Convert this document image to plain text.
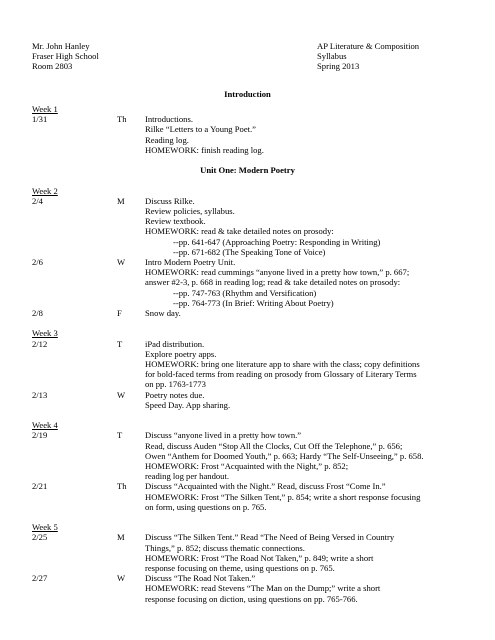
Mr. John Hanley
Fraser High School
Room 2803
AP Literature & Composition
Syllabus
Spring 2013
Introduction
Week 1
1/31	Th Introductions.
Rilke “Letters to a Young Poet.”
Reading log.
HOMEWORK: finish reading log.
Unit One: Modern Poetry
Week 2
2/4	M Discuss Rilke.
Review policies, syllabus.
Review textbook.
HOMEWORK: read & take detailed notes on prosody:
--pp. 641-647 (Approaching Poetry: Responding in Writing)
--pp. 671-682 (The Speaking Tone of Voice)
2/6	W Intro Modern Poetry Unit.
HOMEWORK: read cummings “anyone lived in a pretty how town,” p. 667;
answer #2-3, p. 668 in reading log; read & take detailed notes on prosody:
--pp. 747-763 (Rhythm and Versification)
--pp. 764-773 (In Brief: Writing About Poetry)
2/8	F	Snow day.
Week 3
2/12	T	iPad distribution.
Explore poetry apps.
HOMEWORK: bring one literature app to share with the class; copy definitions
for bold-faced terms from reading on prosody from Glossary of Literary Terms
on pp. 1763-1773
2/13	W Poetry notes due.
Speed Day. App sharing.
Week 4
2/19	T	Discuss “anyone lived in a pretty how town.”
Read, discuss Auden “Stop All the Clocks, Cut Off the Telephone,” p. 656;
Owen “Anthem for Doomed Youth,” p. 663; Hardy “The Self-Unseeing,” p. 658.
HOMEWORK: Frost “Acquainted with the Night,” p. 852;
reading log per handout.
2/21	Th Discuss “Acquainted with the Night.” Read, discuss Frost “Come In.”
HOMEWORK: Frost “The Silken Tent,” p. 854; write a short response focusing
on form, using questions on p. 765.
Week 5
2/25	M Discuss “The Silken Tent.” Read “The Need of Being Versed in Country
Things,” p. 852; discuss thematic connections.
HOMEWORK: Frost “The Road Not Taken,” p. 849; write a short
response focusing on theme, using questions on p. 765.
2/27	W Discuss “The Road Not Taken.”
HOMEWORK: read Stevens “The Man on the Dump;” write a short
response focusing on diction, using questions on pp. 765-766.
